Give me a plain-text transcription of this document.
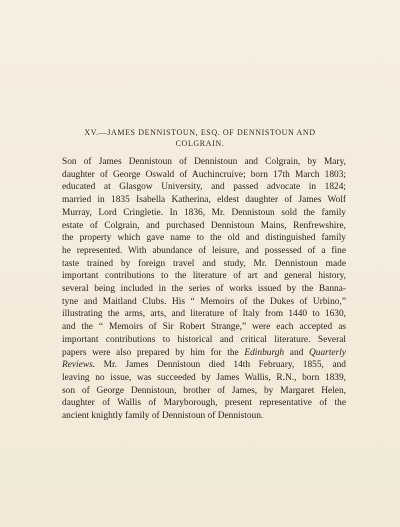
XV.—JAMES DENNISTOUN, ESQ. OF DENNISTOUN AND
COLGRAIN.
Son of James Dennistoun of Dennistoun and Colgrain, by Mary,
daughter of George Oswald of Auchincruive; born 17th March 1803;
educated at Glasgow University, and passed advocate in 1824;
married in 1835 Isabella Katherina, eldest daughter of James Wolf
Murray, Lord Cringletie. In 1836, Mr. Dennistoun sold the family
estate of Colgrain, and purchased Dennistoun Mains, Renfrewshire,
the property which gave name to the old and distinguished family
he represented. With abundance of leisure, and possessed of a fine
taste trained by foreign travel and study, Mr. Dennistoun made
important contributions to the literature of art and general history,
several being included in the series of works issued by the Banna-
tyne and Maitland Clubs. His “ Memoirs of the Dukes of Urbino,”
illustrating the arms, arts, and literature of Italy from 1440 to 1630,
and the “ Memoirs of Sir Robert Strange,” were each accepted as
important contributions to historical and critical literature. Several
papers were also prepared by him for the Edinburgh and Quarterly
Reviews. Mr. James Dennistoun died 14th February, 1855, and
leaving no issue, was succeeded by James Wallis, R.N., born 1839,
son of George Dennistoun, brother of James, by Margaret Helen,
daughter of Wallis of Maryborough, present representative of the
ancient knightly family of Dennistoun of Dennistoun.
